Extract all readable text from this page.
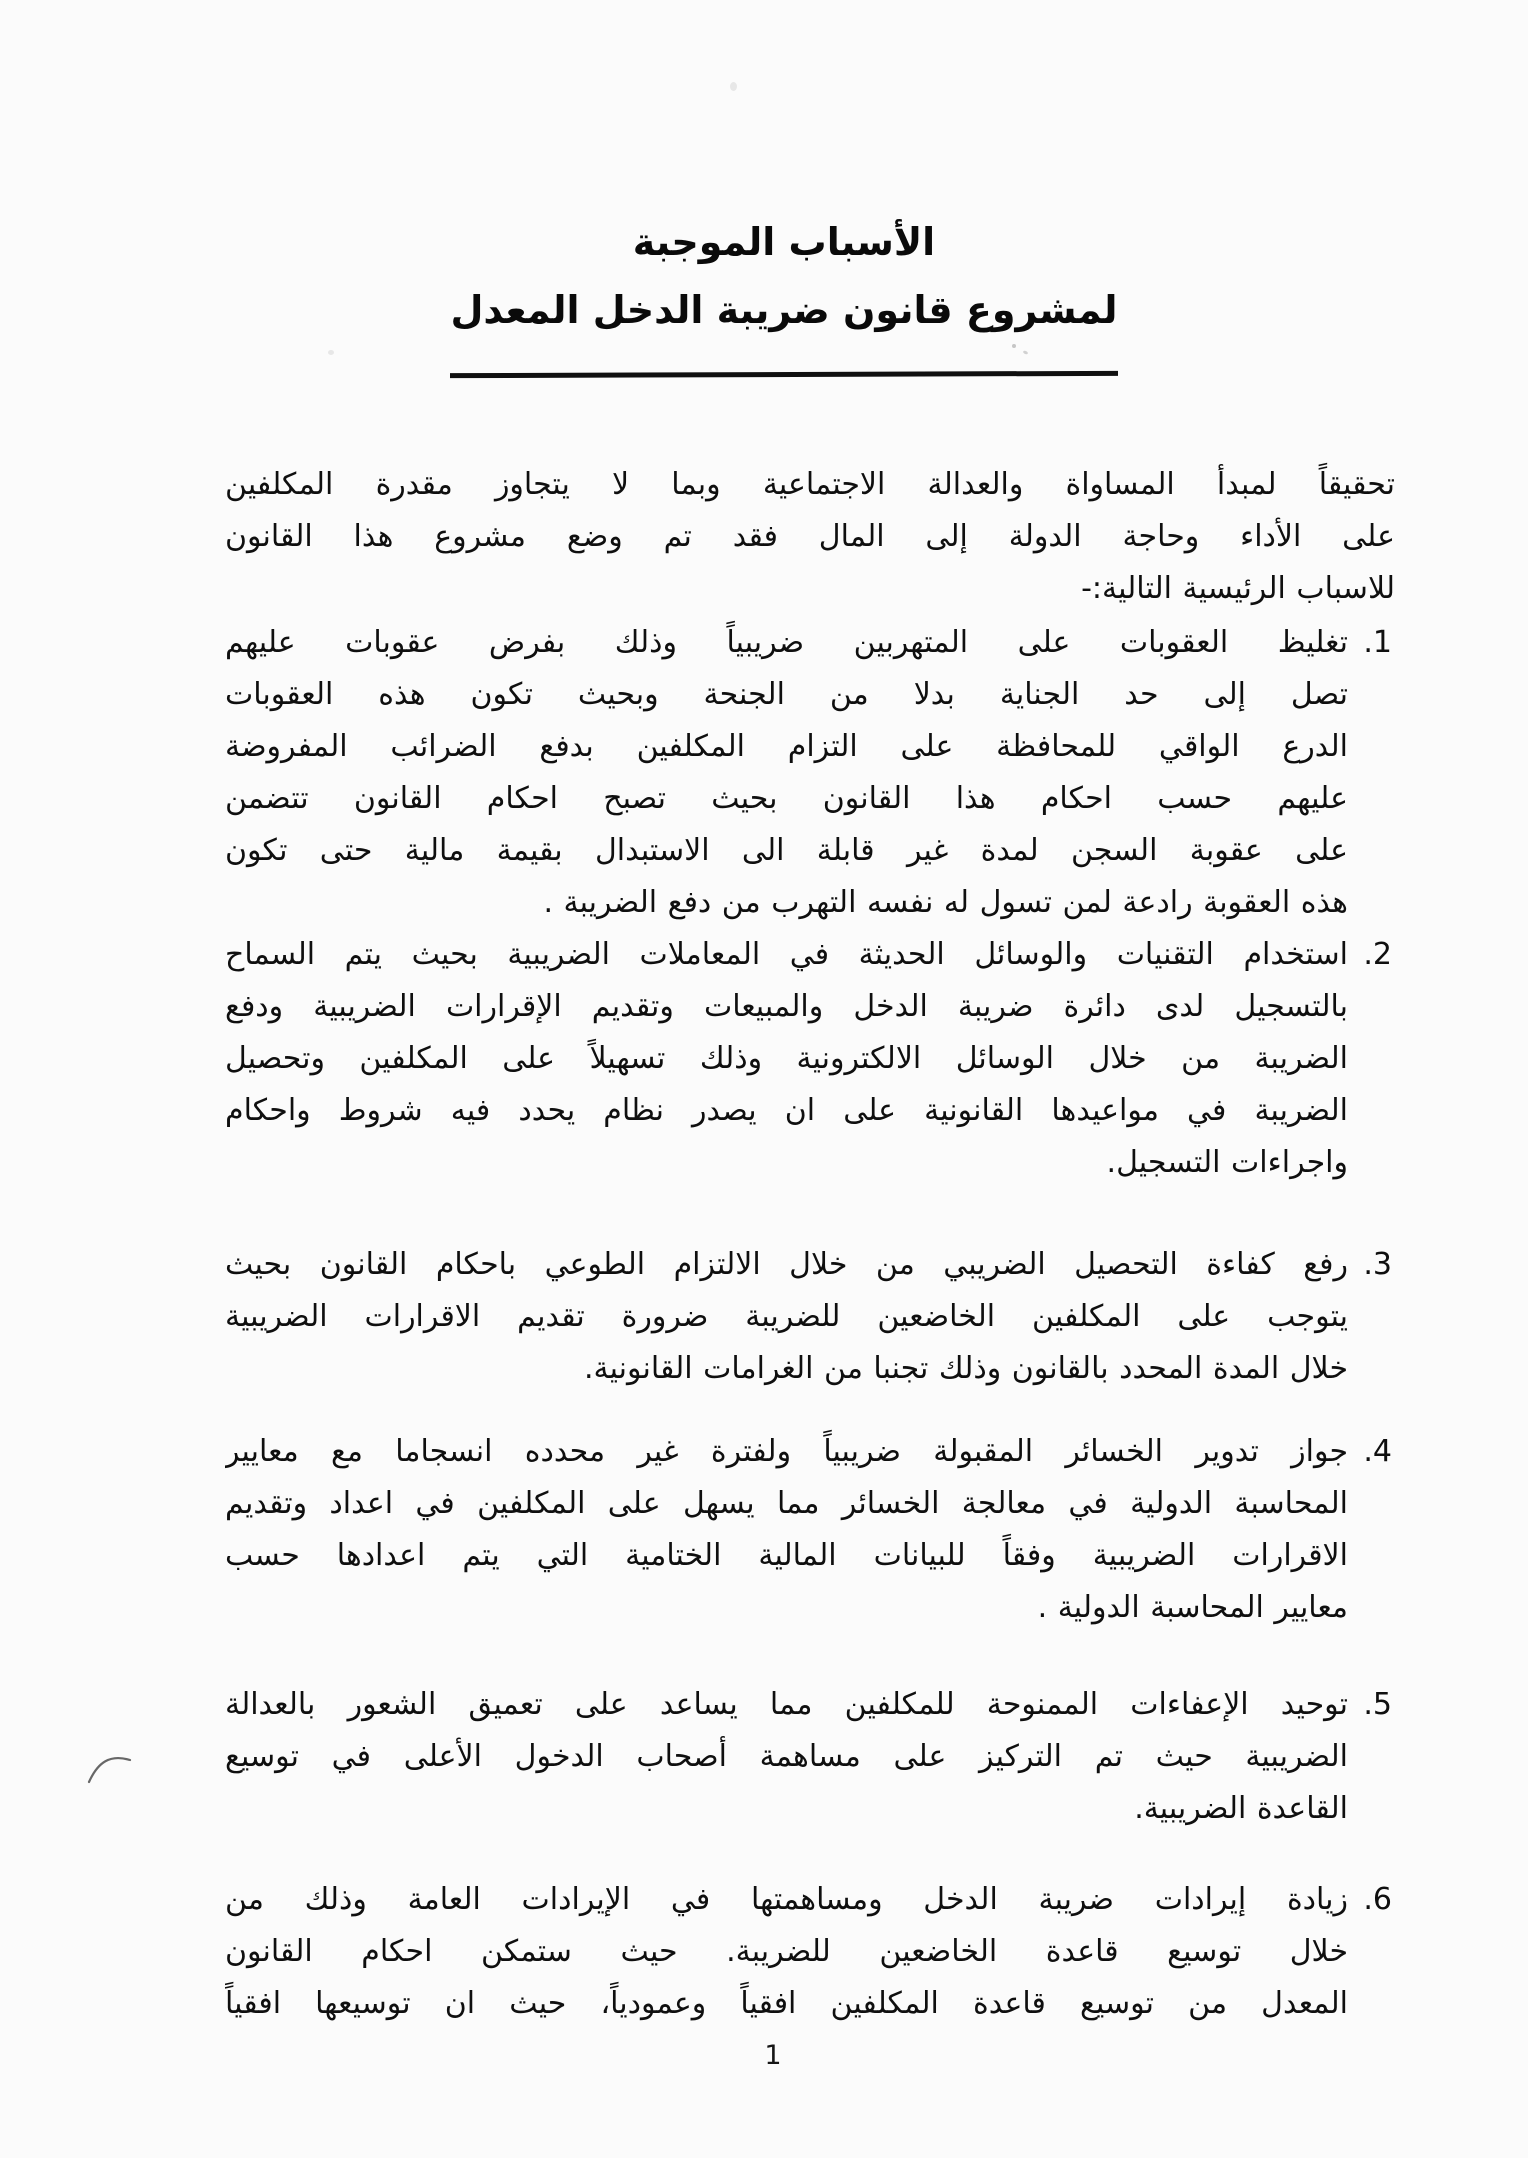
الأسباب الموجبة
لمشروع قانون ضريبة الدخل المعدل
تحقيقاً لمبدأ المساواة والعدالة الاجتماعية وبما لا يتجاوز مقدرة المكلفين
على الأداء وحاجة الدولة إلى المال فقد تم وضع مشروع هذا القانون
للاسباب الرئيسية التالية:-
1.
تغليظ العقوبات على المتهربين ضريبياً وذلك بفرض عقوبات عليهم
تصل إلى حد الجناية بدلا من الجنحة وبحيث تكون هذه العقوبات
الدرع الواقي للمحافظة على التزام المكلفين بدفع الضرائب المفروضة
عليهم حسب احكام هذا القانون بحيث تصبح احكام القانون تتضمن
على عقوبة السجن لمدة غير قابلة الى الاستبدال بقيمة مالية حتى تكون
هذه العقوبة رادعة لمن تسول له نفسه التهرب من دفع الضريبة .
2.
استخدام التقنيات والوسائل الحديثة في المعاملات الضريبية بحيث يتم السماح
بالتسجيل لدى دائرة ضريبة الدخل والمبيعات وتقديم الإقرارات الضريبية ودفع
الضريبة من خلال الوسائل الالكترونية وذلك تسهيلاً على المكلفين وتحصيل
الضريبة في مواعيدها القانونية على ان يصدر نظام يحدد فيه شروط واحكام
واجراءات التسجيل.
3.
رفع كفاءة التحصيل الضريبي من خلال الالتزام الطوعي باحكام القانون بحيث
يتوجب على المكلفين الخاضعين للضريبة ضرورة تقديم الاقرارات الضريبية
خلال المدة المحدد بالقانون وذلك تجنبا من الغرامات القانونية.
4.
جواز تدوير الخسائر المقبولة ضريبياً ولفترة غير محدده انسجاما مع معايير
المحاسبة الدولية في معالجة الخسائر مما يسهل على المكلفين في اعداد وتقديم
الاقرارات الضريبية وفقاً للبيانات المالية الختامية التي يتم اعدادها حسب
معايير المحاسبة الدولية .
5.
توحيد الإعفاءات الممنوحة للمكلفين مما يساعد على تعميق الشعور بالعدالة
الضريبية حيث تم التركيز على مساهمة أصحاب الدخول الأعلى في توسيع
القاعدة الضريبية.
6.
زيادة إيرادات ضريبة الدخل ومساهمتها في الإيرادات العامة وذلك من
خلال توسيع قاعدة الخاضعين للضريبة. حيث ستمكن احكام القانون
المعدل من توسيع قاعدة المكلفين افقياً وعمودياً، حيث ان توسيعها افقياً
1
